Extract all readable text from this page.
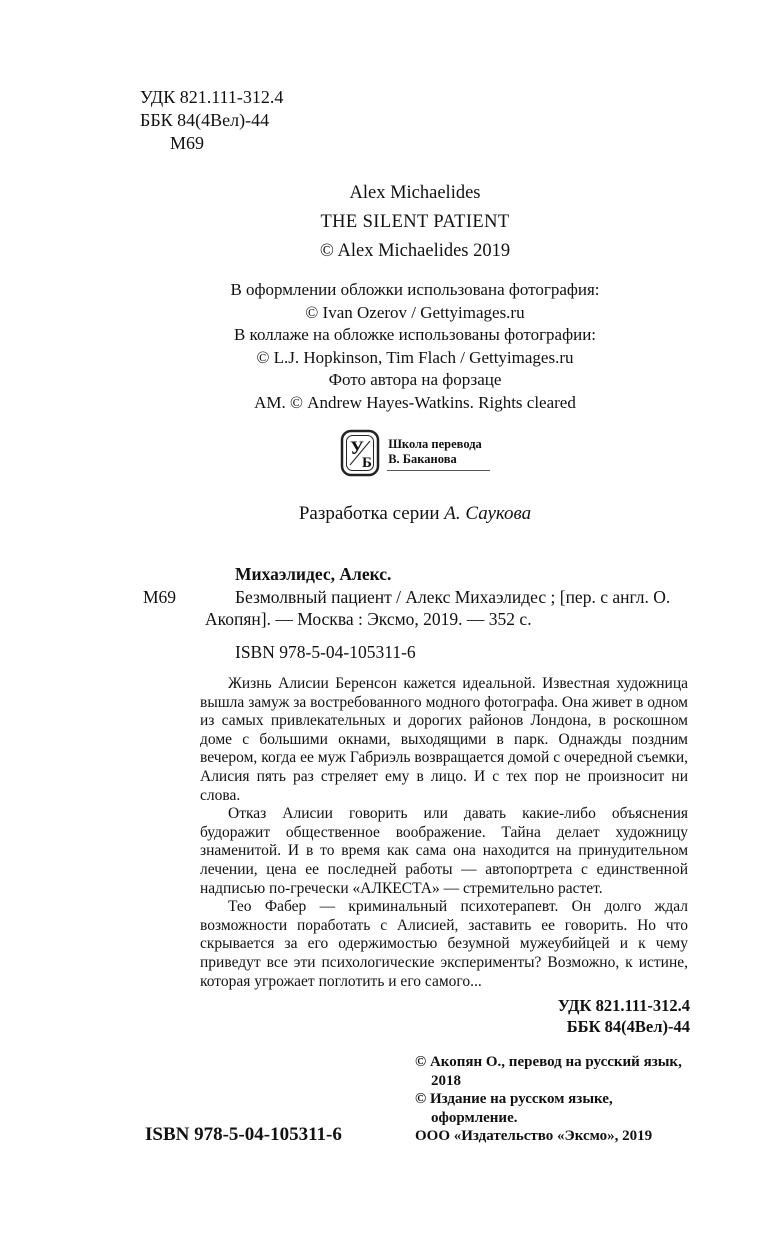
УДК 821.111-312.4
ББК 84(4Вел)-44
М69
Alex Michaelides
THE SILENT PATIENT
© Alex Michaelides 2019
В оформлении обложки использована фотография:
© Ivan Ozerov / Gettyimages.ru
В коллаже на обложке использованы фотографии:
© L.J. Hopkinson, Tim Flach / Gettyimages.ru
Фото автора на форзаце
АМ. © Andrew Hayes-Watkins. Rights cleared
У
Б
Школа перевода
В. Баканова
Разработка серии А. Саукова
Михаэлидес, Алекс.
М69	Безмолвный пациент / Алекс Михаэлидес ; [пер. с англ. О. Акопян]. — Москва : Эксмо, 2019. — 352 с.

ISBN 978-5-04-105311-6

Жизнь Алисии Беренсон кажется идеальной. Известная художница вышла замуж за востребованного модного фотографа. Она живет в одном из самых привлекательных и дорогих районов Лондона, в роскошном доме с большими окнами, выходящими в парк. Однажды поздним вечером, когда ее муж Габриэль возвращается домой с очередной съемки, Алисия пять раз стреляет ему в лицо. И с тех пор не произносит ни слова.

Отказ Алисии говорить или давать какие-либо объяснения будоражит общественное воображение. Тайна делает художницу знаменитой. И в то время как сама она находится на принудительном лечении, цена ее последней работы — автопортрета с единственной надписью по-гречески «АЛКЕСТА» — стремительно растет.

Тео Фабер — криминальный психотерапевт. Он долго ждал возможности поработать с Алисией, заставить ее говорить. Но что скрывается за его одержимостью безумной мужеубийцей и к чему приведут все эти психологические эксперименты? Возможно, к истине, которая угрожает поглотить и его самого...

УДК 821.111-312.4
ББК 84(4Вел)-44
ISBN 978-5-04-105311-6

© Акопян О., перевод на русский язык, 2018

© Издание на русском языке, оформление.

ООО «Издательство «Эксмо», 2019
